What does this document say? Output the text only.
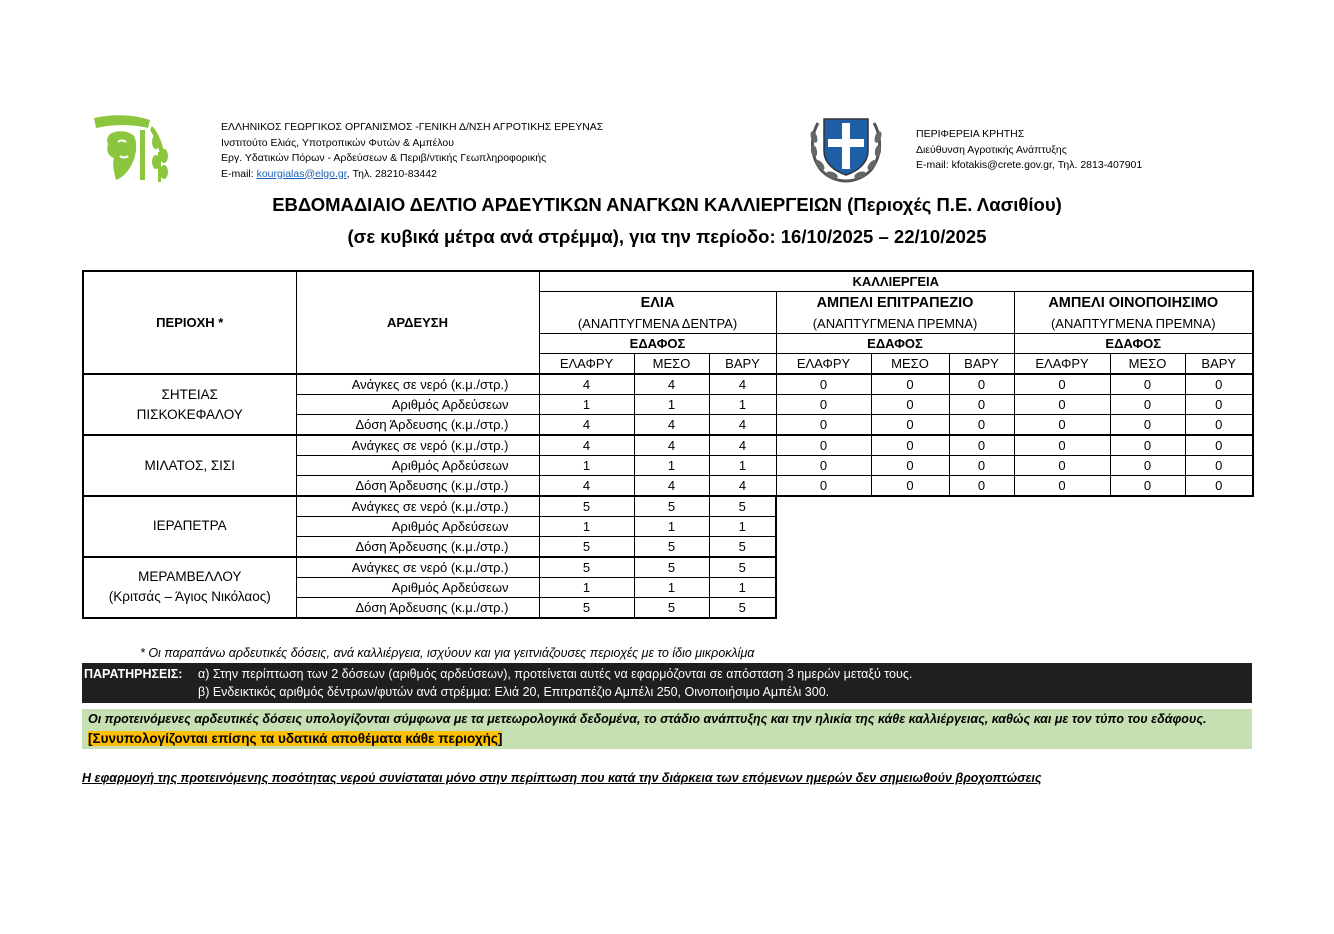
ΕΛΛΗΝΙΚΟΣ ΓΕΩΡΓΙΚΟΣ ΟΡΓΑΝΙΣΜΟΣ -ΓΕΝΙΚΗ Δ/ΝΣΗ ΑΓΡΟΤΙΚΗΣ ΕΡΕΥΝΑΣ
Ινστιτούτο Ελιάς, Υποτροπικών Φυτών & Αμπέλου
Εργ. Υδατικών Πόρων - Αρδεύσεων & Περιβ/ντικής Γεωπληροφορικής
E-mail: kourgialas@elgo.gr, Τηλ. 28210-83442
ΠΕΡΙΦΕΡΕΙΑ ΚΡΗΤΗΣ
Διεύθυνση Αγροτικής Ανάπτυξης
E-mail: kfotakis@crete.gov.gr, Τηλ. 2813-407901
ΕΒΔΟΜΑΔΙΑΙΟ ΔΕΛΤΙΟ ΑΡΔΕΥΤΙΚΩΝ ΑΝΑΓΚΩΝ ΚΑΛΛΙΕΡΓΕΙΩΝ (Περιοχές Π.Ε. Λασιθίου)
(σε κυβικά μέτρα ανά στρέμμα), για την περίοδο: 16/10/2025 – 22/10/2025
ΠΕΡΙΟΧΗ *	ΑΡΔΕΥΣΗ	ΚΑΛΛΙΕΡΓΕΙΑ								
		ΕΛΙΑ			ΑΜΠΕΛΙ ΕΠΙΤΡΑΠΕΖΙΟ			ΑΜΠΕΛΙ ΟΙΝΟΠΟΙΗΣΙΜΟ		
		(ΑΝΑΠΤΥΓΜΕΝΑ ΔΕΝΤΡΑ)			(ΑΝΑΠΤΥΓΜΕΝΑ ΠΡΕΜΝΑ)			(ΑΝΑΠΤΥΓΜΕΝΑ ΠΡΕΜΝΑ)		
		ΕΔΑΦΟΣ			ΕΔΑΦΟΣ			ΕΔΑΦΟΣ		
		ΕΛΑΦΡΥ	ΜΕΣΟ	ΒΑΡΥ	ΕΛΑΦΡΥ	ΜΕΣΟ	ΒΑΡΥ	ΕΛΑΦΡΥ	ΜΕΣΟ	ΒΑΡΥ

ΣΗΤΕΙΑΣ
ΠΙΣΚΟΚΕΦΑΛΟΥ	Ανάγκες σε νερό (κ.μ./στρ.)	4	4	4	0	0	0	0	0	0
	Αριθμός Αρδεύσεων	1	1	1	0	0	0	0	0	0
	Δόση Άρδευσης (κ.μ./στρ.)	4	4	4	0	0	0	0	0	0

ΜΙΛΑΤΟΣ, ΣΙΣΙ	Ανάγκες σε νερό (κ.μ./στρ.)	4	4	4	0	0	0	0	0	0
	Αριθμός Αρδεύσεων	1	1	1	0	0	0	0	0	0
	Δόση Άρδευσης (κ.μ./στρ.)	4	4	4	0	0	0	0	0	0

ΙΕΡΑΠΕΤΡΑ	Ανάγκες σε νερό (κ.μ./στρ.)	5	5	5						
	Αριθμός Αρδεύσεων	1	1	1						
	Δόση Άρδευσης (κ.μ./στρ.)	5	5	5						

ΜΕΡΑΜΒΕΛΛΟΥ
(Κριτσάς – Άγιος Νικόλαος)	Ανάγκες σε νερό (κ.μ./στρ.)	5	5	5						
	Αριθμός Αρδεύσεων	1	1	1						
	Δόση Άρδευσης (κ.μ./στρ.)	5	5	5						
* Οι παραπάνω αρδευτικές δόσεις, ανά καλλιέργεια, ισχύουν και για γειτνιάζουσες περιοχές με το ίδιο μικροκλίμα
ΠΑΡΑΤΗΡΗΣΕΙΣ: α) Στην περίπτωση των 2 δόσεων (αριθμός αρδεύσεων), προτείνεται αυτές να εφαρμόζονται σε απόσταση 3 ημερών μεταξύ τους.
β) Ενδεικτικός αριθμός δέντρων/φυτών ανά στρέμμα: Ελιά 20, Επιτραπέζιο Αμπέλι 250, Οινοποιήσιμο Αμπέλι 300.
Οι προτεινόμενες αρδευτικές δόσεις υπολογίζονται σύμφωνα με τα μετεωρολογικά δεδομένα, το στάδιο ανάπτυξης και την ηλικία της κάθε καλλιέργειας, καθώς και με τον τύπο του εδάφους. [Συνυπολογίζονται επίσης τα υδατικά αποθέματα κάθε περιοχής]
Η εφαρμογή της προτεινόμενης ποσότητας νερού συνίσταται μόνο στην περίπτωση που κατά την διάρκεια των επόμενων ημερών δεν σημειωθούν βροχοπτώσεις
